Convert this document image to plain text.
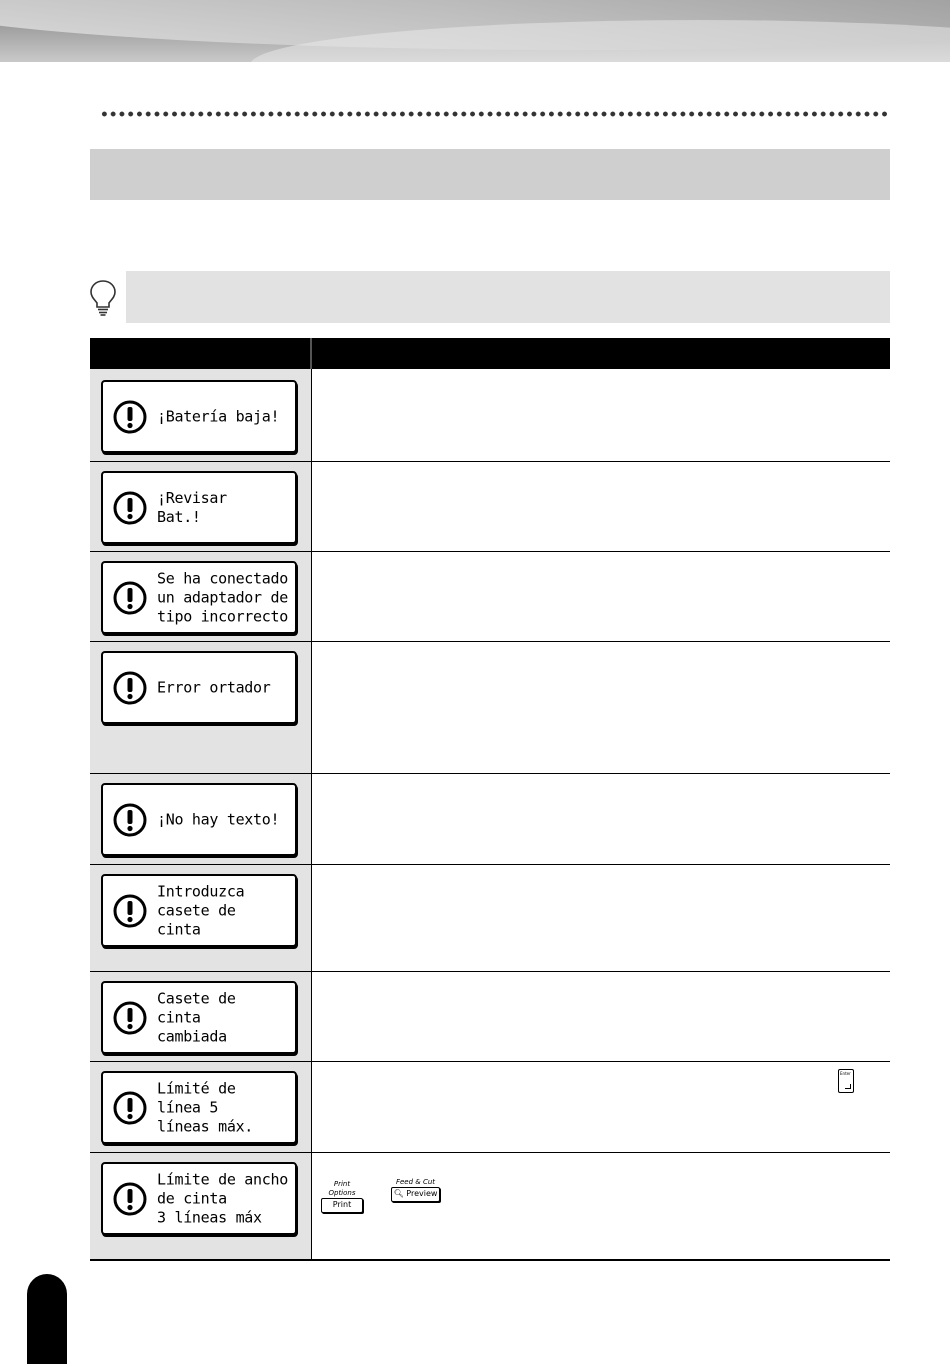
¡Batería baja!
¡Revisar
Bat.!
Se ha conectado
un adaptador de
tipo incorrecto
Error ortador
¡No hay texto!
Introduzca
casete de
cinta
Casete de
cinta
cambiada
Límité de
línea 5
líneas máx.
Límite de ancho
de cinta
3 líneas máx
Enter
Print Options
Print
Feed & Cut
🔍︎ Preview
